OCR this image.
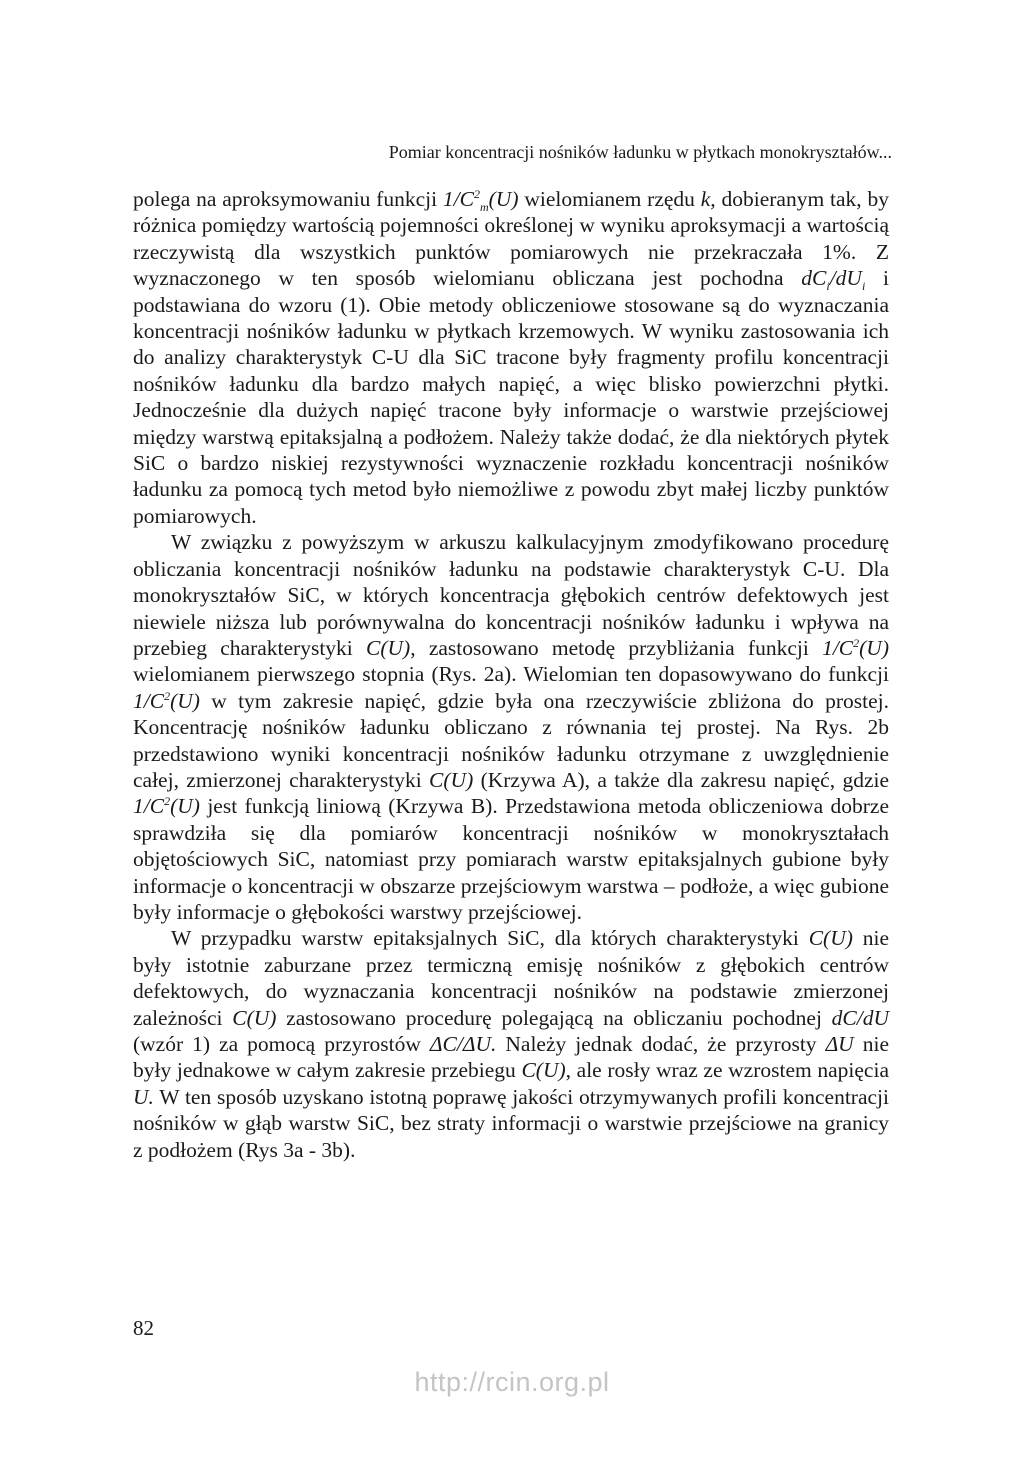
Pomiar koncentracji nośników ładunku w płytkach monokryształów...

polega na aproksymowaniu funkcji $1/C^2_m(U)$ wielomianem rzędu k, dobieranym tak, by różnica pomiędzy wartością pojemności określonej w wyniku aproksymacji a wartością rzeczywistą dla wszystkich punktów pomiarowych nie przekraczała 1%. Z wyznaczonego w ten sposób wielomianu obliczana jest pochodna $dC_i/dU_i$ i podstawiana do wzoru (1). Obie metody obliczeniowe stosowane są do wyznaczania koncentracji nośników ładunku w płytkach krzemowych. W wyniku zastosowania ich do analizy charakterystyk C-U dla SiC tracone były fragmenty profilu koncentracji nośników ładunku dla bardzo małych napięć, a więc blisko powierzchni płytki. Jednocześnie dla dużych napięć tracone były informacje o warstwie przejściowej między warstwą epitaksjalną a podłożem. Należy także dodać, że dla niektórych płytek SiC o bardzo niskiej rezystywności wyznaczenie rozkładu koncentracji nośników ładunku za pomocą tych metod było niemożliwe z powodu zbyt małej liczby punktów pomiarowych.

W związku z powyższym w arkuszu kalkulacyjnym zmodyfikowano procedurę obliczania koncentracji nośników ładunku na podstawie charakterystyk C-U. Dla monokryształów SiC, w których koncentracja głębokich centrów defektowych jest niewiele niższa lub porównywalna do koncentracji nośników ładunku i wpływa na przebieg charakterystyki C(U), zastosowano metodę przybliżania funkcji $1/C^2(U)$ wielomianem pierwszego stopnia (Rys. 2a). Wielomian ten dopasowywano do funkcji $1/C^2(U)$ w tym zakresie napięć, gdzie była ona rzeczywiście zbliżona do prostej. Koncentrację nośników ładunku obliczano z równania tej prostej. Na Rys. 2b przedstawiono wyniki koncentracji nośników ładunku otrzymane z uwzględnienie całej, zmierzonej charakterystyki C(U) (Krzywa A), a także dla zakresu napięć, gdzie $1/C^2(U)$ jest funkcją liniową (Krzywa B). Przedstawiona metoda obliczeniowa dobrze sprawdziła się dla pomiarów koncentracji nośników w monokryształach objętościowych SiC, natomiast przy pomiarach warstw epitaksjalnych gubione były informacje o koncentracji w obszarze przejściowym warstwa – podłoże, a więc gubione były informacje o głębokości warstwy przejściowej.

W przypadku warstw epitaksjalnych SiC, dla których charakterystyki C(U) nie były istotnie zaburzane przez termiczną emisję nośników z głębokich centrów defektowych, do wyznaczania koncentracji nośników na podstawie zmierzonej zależności C(U) zastosowano procedurę polegającą na obliczaniu pochodnej dC/dU (wzór 1) za pomocą przyrostów ΔC/ΔU. Należy jednak dodać, że przyrosty ΔU nie były jednakowe w całym zakresie przebiegu C(U), ale rosły wraz ze wzrostem napięcia U. W ten sposób uzyskano istotną poprawę jakości otrzymywanych profili koncentracji nośników w głąb warstw SiC, bez straty informacji o warstwie przejściowe na granicy z podłożem (Rys 3a - 3b).

82
http://rcin.org.pl
